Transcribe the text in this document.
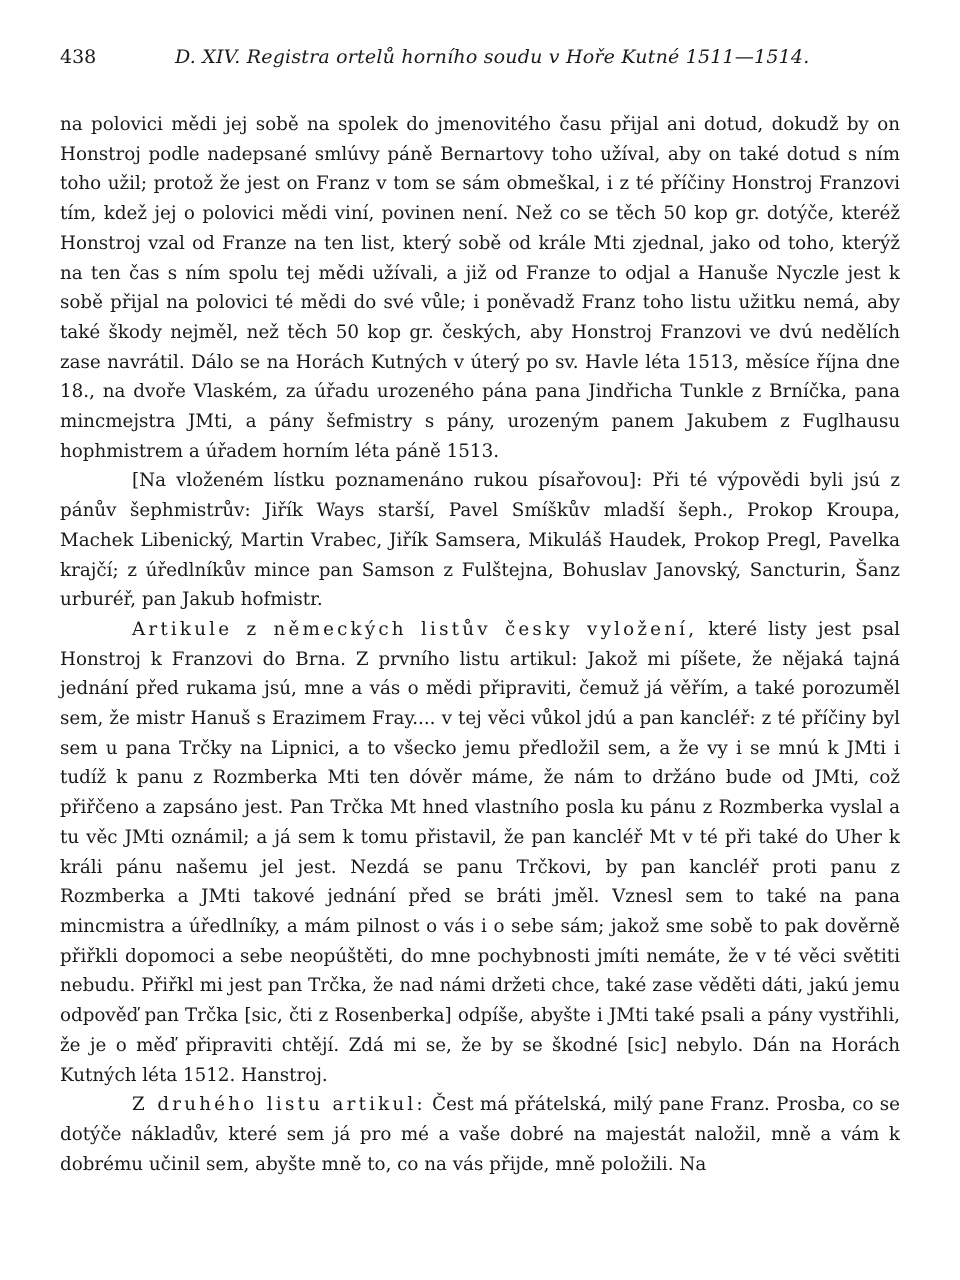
438	D. XIV. Registra ortelů horního soudu v Hoře Kutné 1511—1514.

na polovici mědi jej sobě na spolek do jmenovitého času přijal ani dotud, dokudž by on Honstroj podle nadepsané smlúvy páně Bernartovy toho užíval, aby on také dotud s ním toho užil; protož že jest on Franz v tom se sám obmeškal, i z té příčiny Honstroj Franzovi tím, kdež jej o polovici mědi viní, povinen není. Než co se těch 50 kop gr. dotýče, kteréž Honstroj vzal od Franze na ten list, který sobě od krále Mti zjednal, jako od toho, kterýž na ten čas s ním spolu tej mědi užívali, a již od Franze to odjal a Hanuše Nyczle jest k sobě přijal na polovici té mědi do své vůle; i poněvadž Franz toho listu užitku nemá, aby také škody nejměl, než těch 50 kop gr. českých, aby Honstroj Franzovi ve dvú nedělích zase navrátil. Dálo se na Horách Kutných v úterý po sv. Havle léta 1513, měsíce října dne 18., na dvoře Vlaském, za úřadu urozeného pána pana Jindřicha Tunkle z Brníčka, pana mincmejstra JMti, a pány šefmistry s pány, urozeným panem Jakubem z Fuglhausu hophmistrem a úřadem horním léta páně 1513.

[Na vloženém lístku poznamenáno rukou písařovou]: Při té výpovědi byli jsú z pánův šephmistrův: Jiřík Ways starší, Pavel Smíškův mladší šeph., Prokop Kroupa, Machek Libenický, Martin Vrabec, Jiřík Samsera, Mikuláš Haudek, Prokop Pregl, Pavelka krajčí; z úředlníkův mince pan Samson z Fulštejna, Bohuslav Janovský, Sancturin, Šanz urburéř, pan Jakub hofmistr.

Artikule z německých listův česky vyložení, které listy jest psal Honstroj k Franzovi do Brna. Z prvního listu artikul: Jakož mi píšete, že nějaká tajná jednání před rukama jsú, mne a vás o mědi připraviti, čemuž já věřím, a také porozuměl sem, že mistr Hanuš s Erazimem Fray.... v tej věci vůkol jdú a pan kancléř: z té příčiny byl sem u pana Trčky na Lipnici, a to všecko jemu předložil sem, a že vy i se mnú k JMti i tudíž k panu z Rozmberka Mti ten dóvěr máme, že nám to držáno bude od JMti, což přiřčeno a zapsáno jest. Pan Trčka Mt hned vlastního posla ku pánu z Rozmberka vyslal a tu věc JMti oznámil; a já sem k tomu přistavil, že pan kancléř Mt v té při také do Uher k králi pánu našemu jel jest. Nezdá se panu Trčkovi, by pan kancléř proti panu z Rozmberka a JMti takové jednání před se bráti jměl. Vznesl sem to také na pana mincmistra a úředlníky, a mám pilnost o vás i o sebe sám; jakož sme sobě to pak dověrně přiřkli dopomoci a sebe neopúštěti, do mne pochybnosti jmíti nemáte, že v té věci světiti nebudu. Přiřkl mi jest pan Trčka, že nad námi držeti chce, také zase věděti dáti, jakú jemu odpověď pan Trčka [sic, čti z Rosenberka] odpíše, abyšte i JMti také psali a pány vystřihli, že je o měď připraviti chtějí. Zdá mi se, že by se škodné [sic] nebylo. Dán na Horách Kutných léta 1512. Hanstroj.

Z druhého listu artikul: Čest má přátelská, milý pane Franz. Prosba, co se dotýče nákladův, které sem já pro mé a vaše dobré na majestát naložil, mně a vám k dobrému učinil sem, abyšte mně to, co na vás přijde, mně položili. Na
